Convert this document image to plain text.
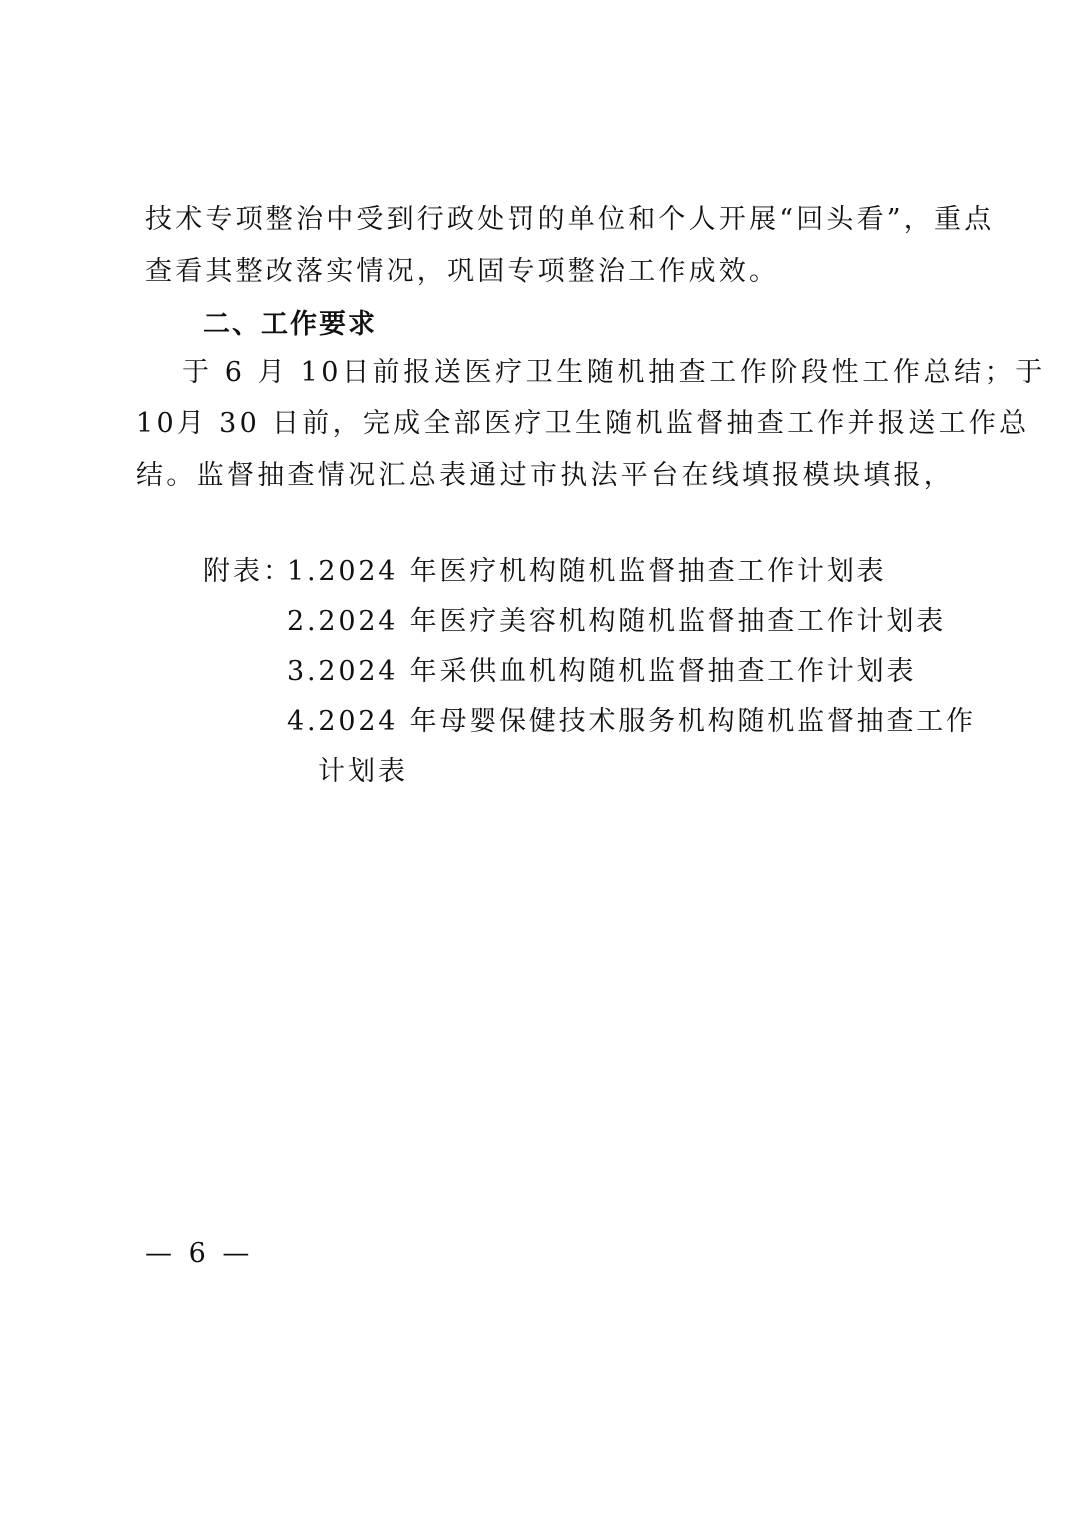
技术专项整治中受到行政处罚的单位和个人开展“回头看”，重点
查看其整改落实情况，巩固专项整治工作成效。
二、工作要求
于 6 月 10日前报送医疗卫生随机抽查工作阶段性工作总结；于
10月 30 日前，完成全部医疗卫生随机监督抽查工作并报送工作总
结。监督抽查情况汇总表通过市执法平台在线填报模块填报，
附表：
1.2024 年医疗机构随机监督抽查工作计划表
2.2024 年医疗美容机构随机监督抽查工作计划表
3.2024 年采供血机构随机监督抽查工作计划表
4.2024 年母婴保健技术服务机构随机监督抽查工作
计划表
— 6 —
